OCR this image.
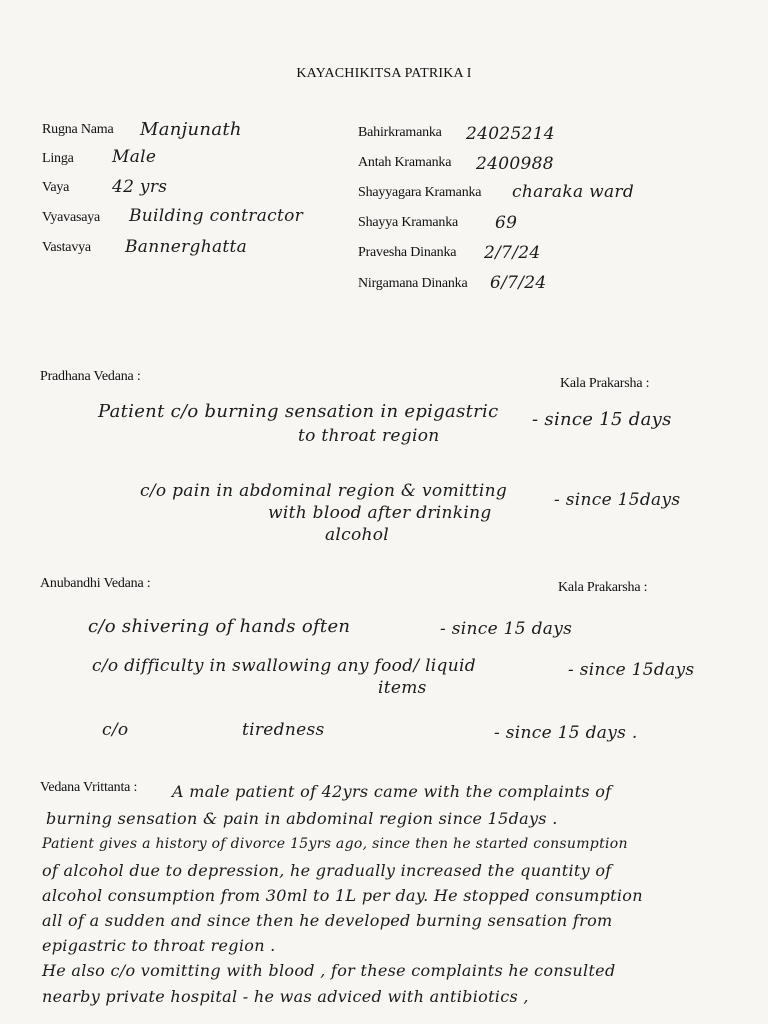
KAYACHIKITSA PATRIKA I
Rugna Nama Manjunath
Linga Male
Vaya	42 yrs
Vyavasaya Building contractor
Vastavya Bannerghatta
Bahirkramanka 24025214
Antah Kramanka 2400988
Shayyagara Kramanka charaka ward
Shayya Kramanka 69
Pravesha Dinanka 2/7/24
Nirgamana Dinanka 6/7/24
Pradhana Vedana :	Kala Prakarsha :
Patient c/o burning sensation in epigastric
to throat region
- since 15 days
c/o pain in abdominal region & vomitting
with blood after drinking
alcohol
- since 15days
Anubandhi Vedana :	Kala Prakarsha :
c/o shivering of hands often	- since 15 days
c/o difficulty in swallowing any food/ liquid
items
- since 15days
c/o	tiredness	- since 15 days .
Vedana Vrittanta : A male patient of 42yrs came with the complaints of
burning sensation & pain in abdominal region since 15days .
Patient gives a history of divorce 15yrs ago, since then he started consumption
of alcohol due to depression, he gradually increased the quantity of
alcohol consumption from 30ml to 1L per day. He stopped consumption
all of a sudden and since then he developed burning sensation from
epigastric to throat region .
He also c/o vomitting with blood , for these complaints he consulted
nearby private hospital - he was adviced with antibiotics ,
